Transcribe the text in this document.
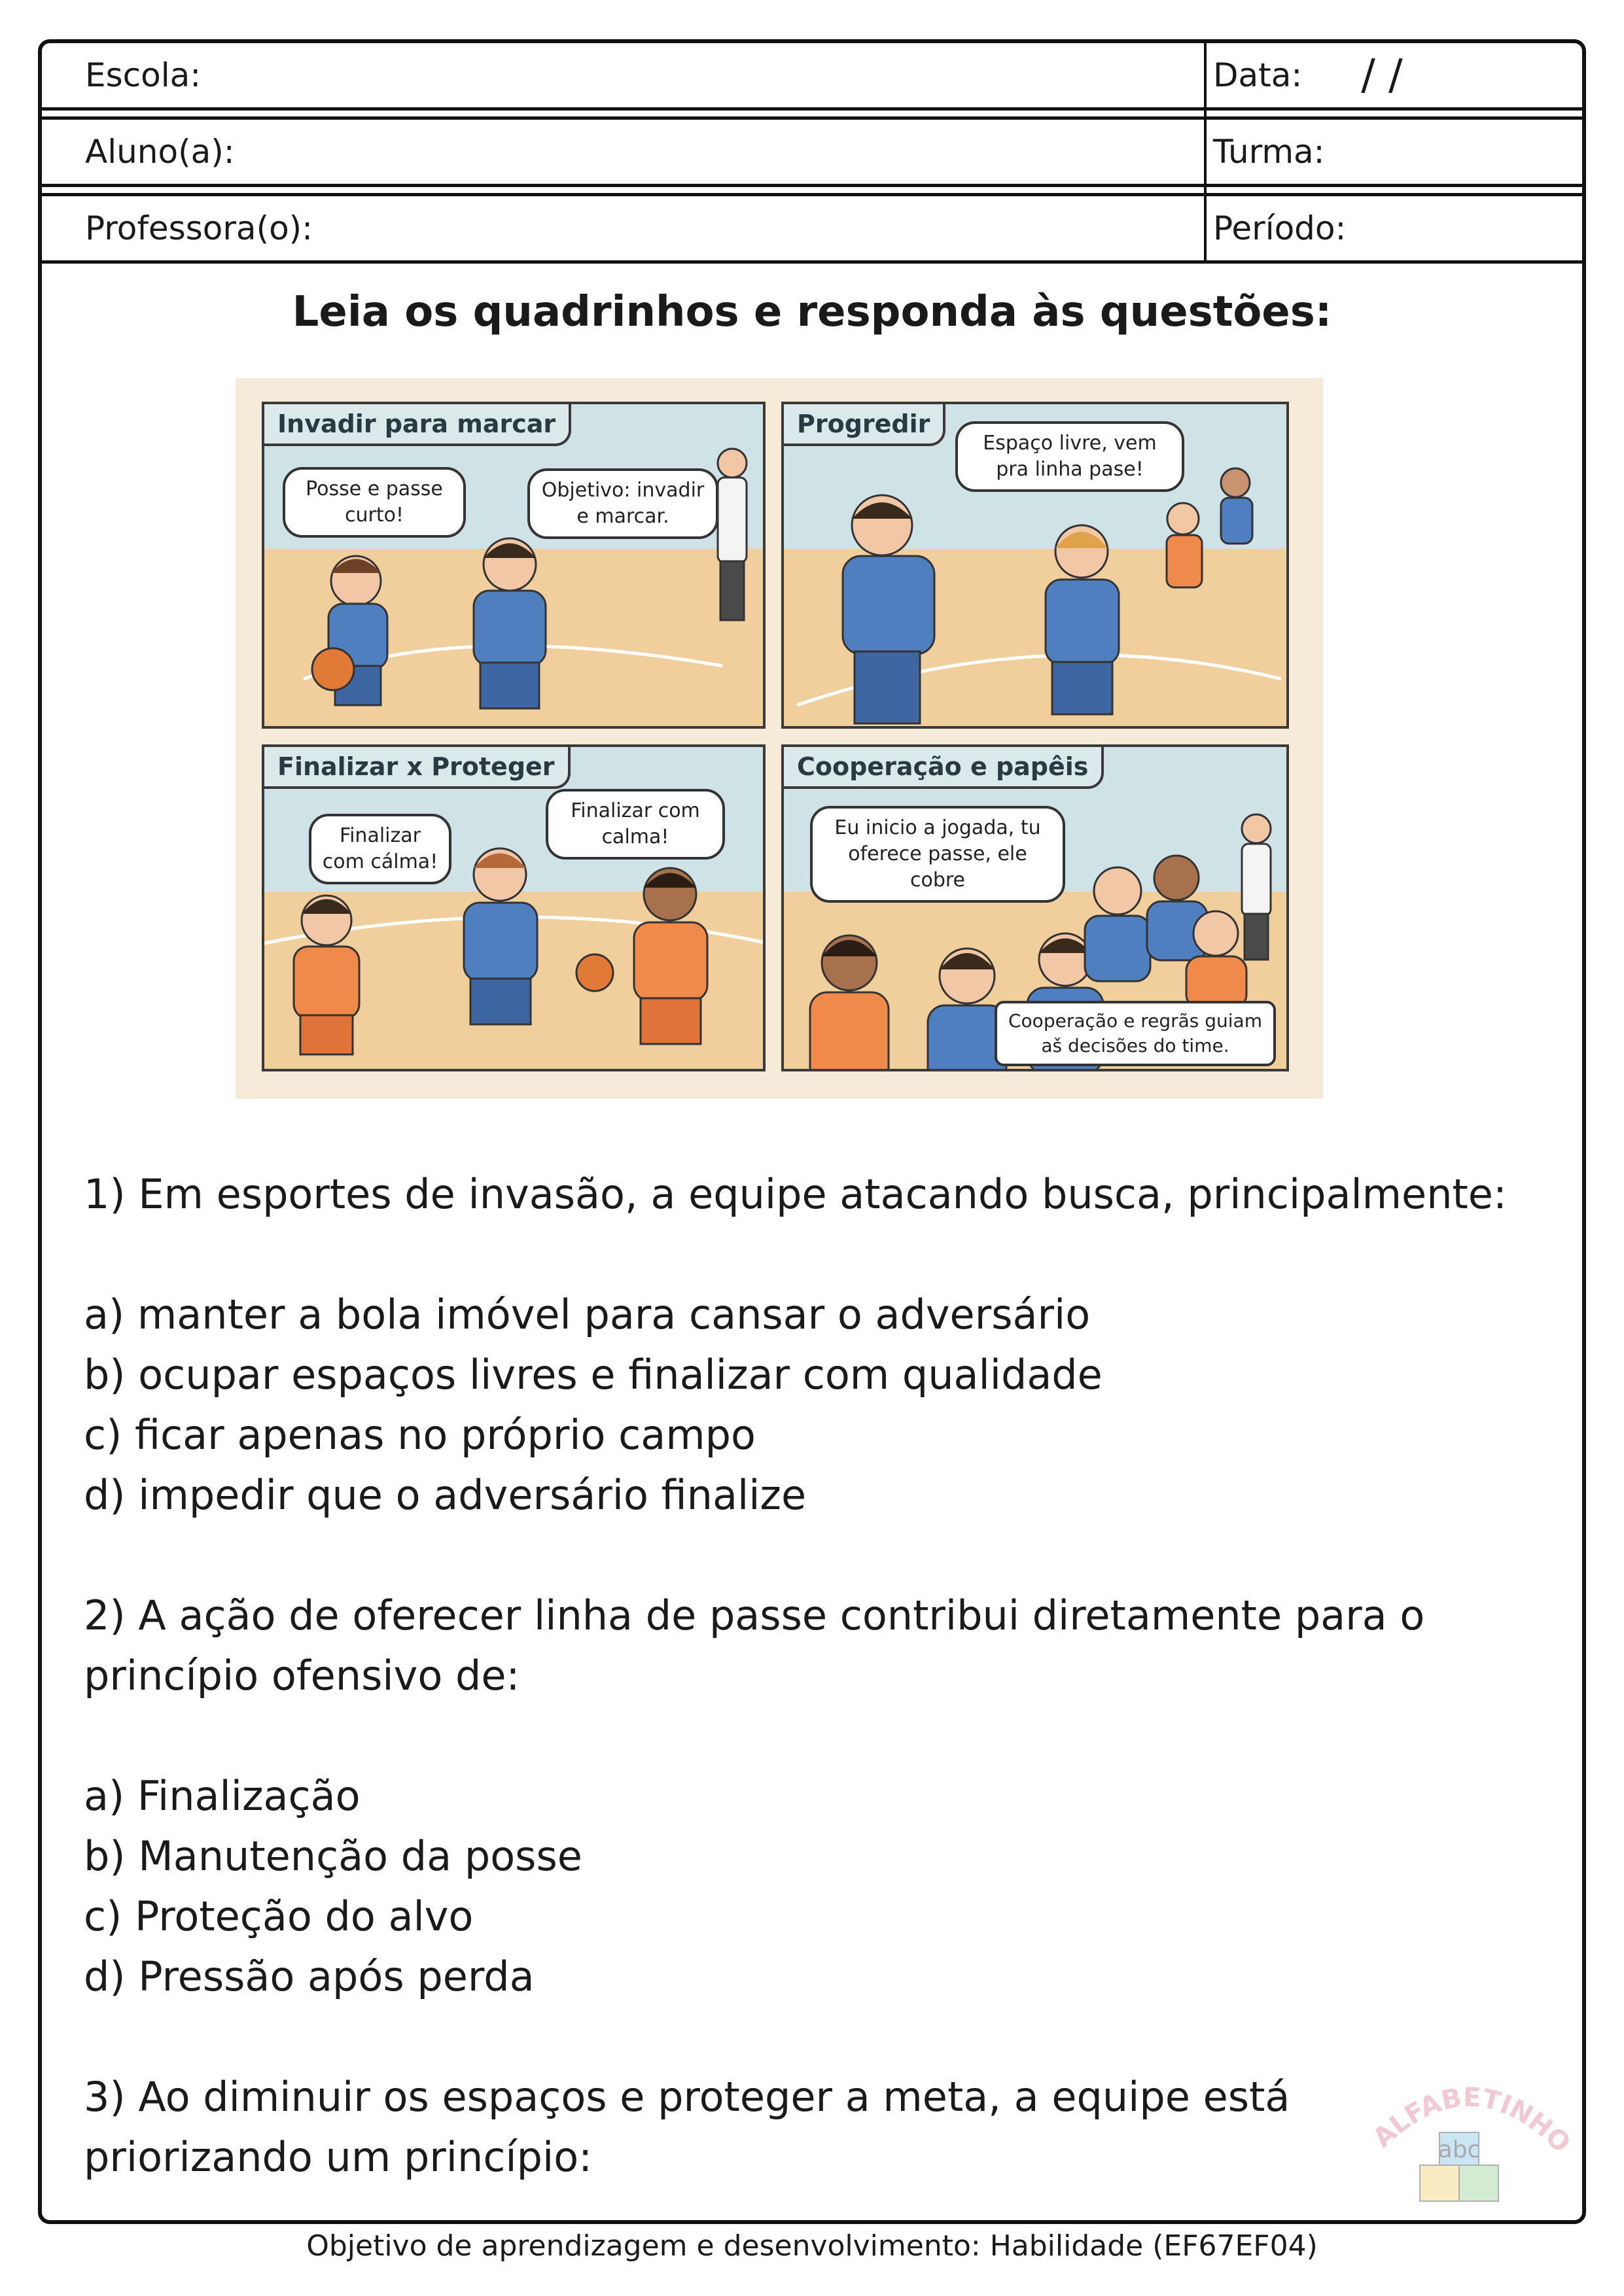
Escola:	Data: / /
Aluno(a):	Turma:
Professora(o):	Período:
Leia os quadrinhos e responda às questões:
Invadir para marcar
Posse e passe curto!
Objetivo: invadir e marcar.
Progredir
Espaço livre, vem pra linha pase!
Finalizar x Proteger
Finalizar com cálma!
Finalizar com calma!
Cooperação e papêis
Eu inicio a jogada, tu oferece passe, ele cobre
Cooperação e regrãs guiam aš decisões do time.

1) Em esportes de invasão, a equipe atacando busca, principalmente:

a) manter a bola imóvel para cansar o adversário

b) ocupar espaços livres e finalizar com qualidade

c) ficar apenas no próprio campo

d) impedir que o adversário finalize

2) A ação de oferecer linha de passe contribui diretamente para o princípio ofensivo de:

a) Finalização

b) Manutenção da posse

c) Proteção do alvo

d) Pressão após perda

3) Ao diminuir os espaços e proteger a meta, a equipe está priorizando um princípio:	ALFABETINHO
abc
Objetivo de aprendizagem e desenvolvimento: Habilidade (EF67EF04)
